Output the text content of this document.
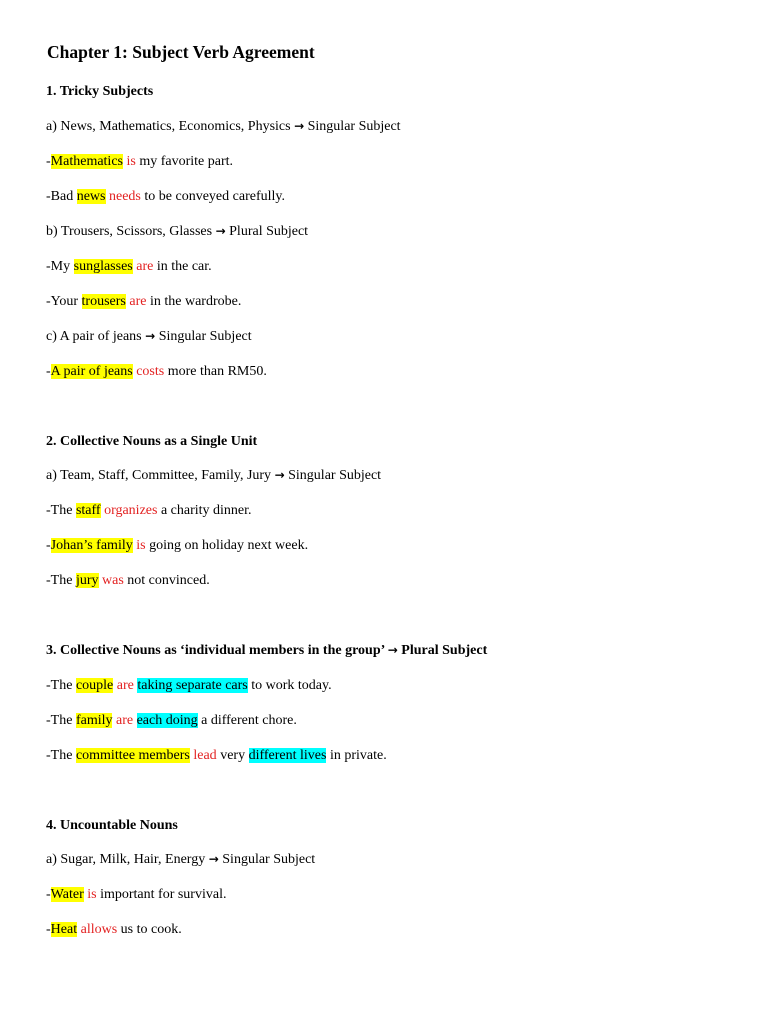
Chapter 1: Subject Verb Agreement
1. Tricky Subjects
a) News, Mathematics, Economics, Physics → Singular Subject
-Mathematics is my favorite part.
-Bad news needs to be conveyed carefully.
b) Trousers, Scissors, Glasses → Plural Subject
-My sunglasses are in the car.
-Your trousers are in the wardrobe.
c) A pair of jeans → Singular Subject
-A pair of jeans costs more than RM50.
2. Collective Nouns as a Single Unit
a) Team, Staff, Committee, Family, Jury → Singular Subject
-The staff organizes a charity dinner.
-Johan’s family is going on holiday next week.
-The jury was not convinced.
3. Collective Nouns as ‘individual members in the group’ → Plural Subject
-The couple are taking separate cars to work today.
-The family are each doing a different chore.
-The committee members lead very different lives in private.
4. Uncountable Nouns
a) Sugar, Milk, Hair, Energy → Singular Subject
-Water is important for survival.
-Heat allows us to cook.
